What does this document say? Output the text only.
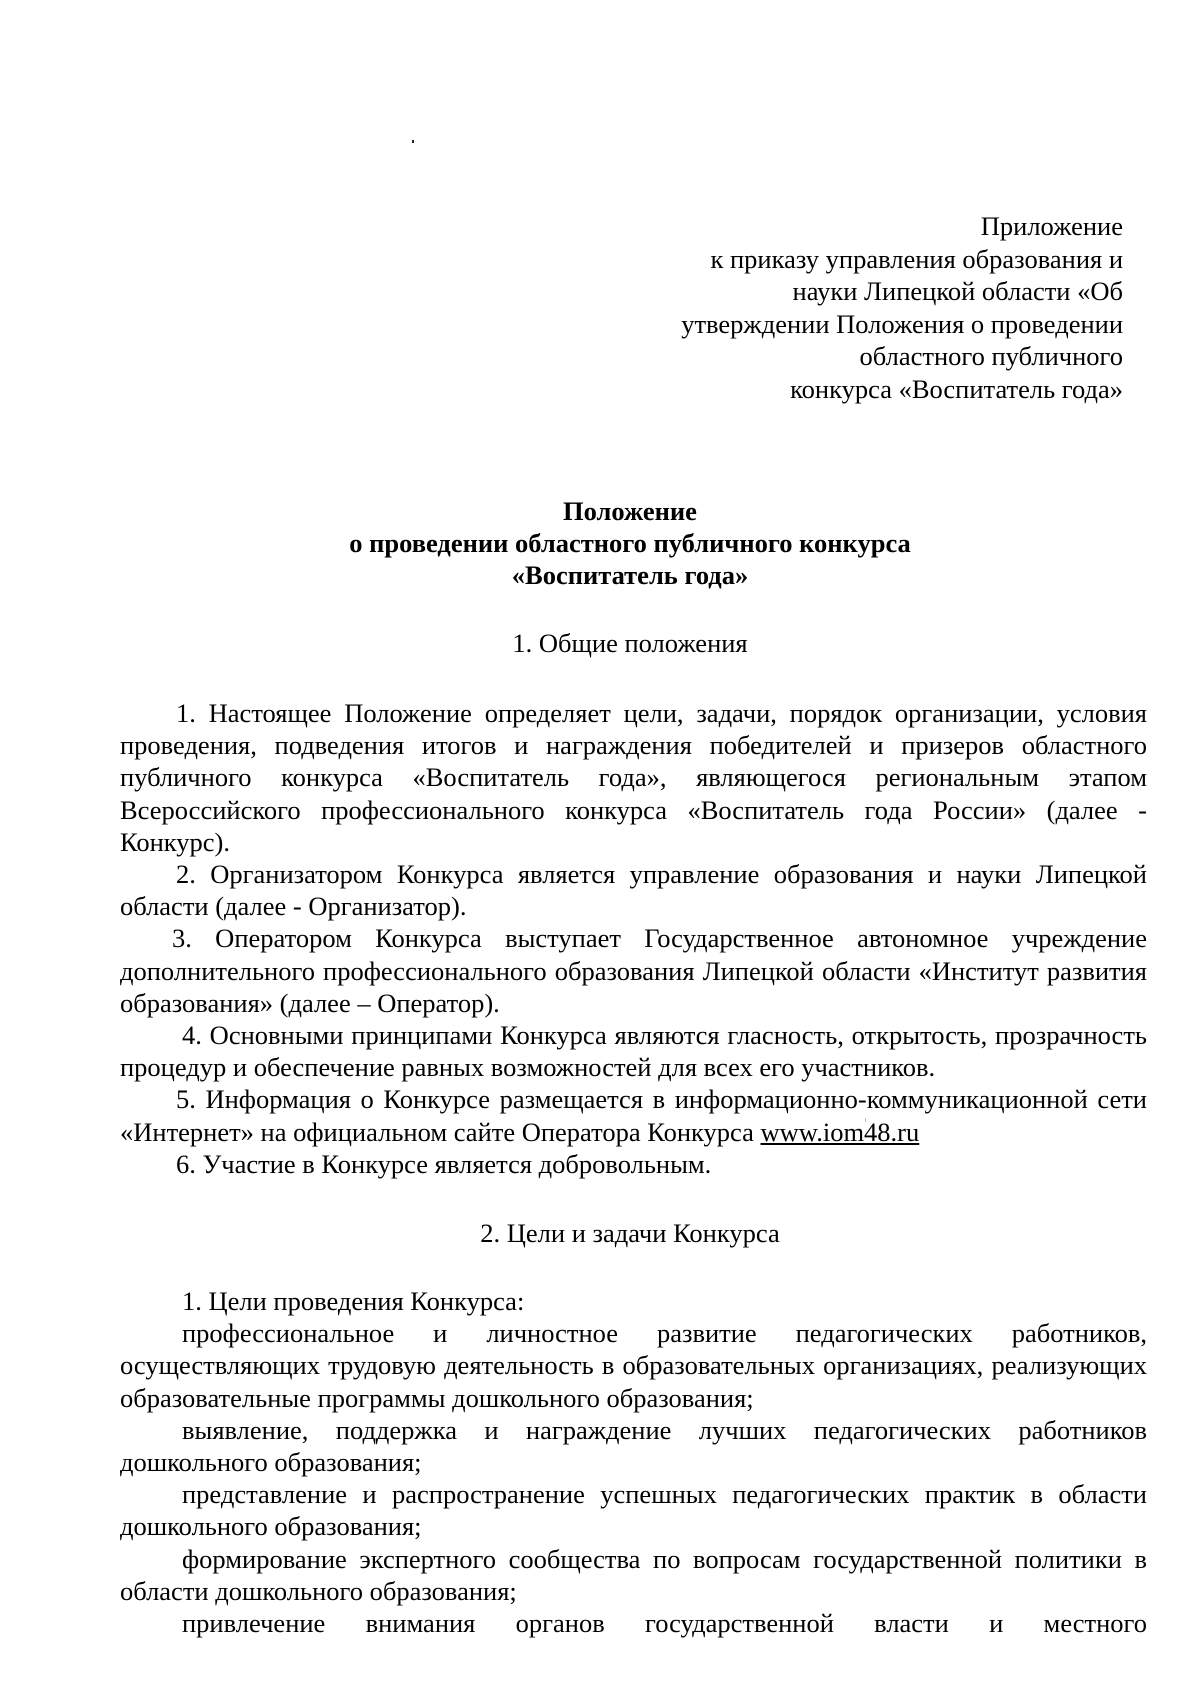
Приложение
к приказу управления образования и
науки Липецкой области «Об
утверждении Положения о проведении
областного публичного
конкурса «Воспитатель года»
Положение
о проведении областного публичного конкурса
«Воспитатель года»
1. Общие положения

1. Настоящее Положение определяет цели, задачи, порядок организации, условия проведения, подведения итогов и награждения победителей и призеров областного публичного конкурса «Воспитатель года», являющегося региональным этапом Всероссийского профессионального конкурса «Воспитатель года России» (далее - Конкурс).

2. Организатором Конкурса является управление образования и науки Липецкой области (далее - Организатор).

3. Оператором Конкурса выступает Государственное автономное учреждение дополнительного профессионального образования Липецкой области «Институт развития образования» (далее – Оператор).

4. Основными принципами Конкурса являются гласность, открытость, прозрачность процедур и обеспечение равных возможностей для всех его участников.

5. Информация о Конкурсе размещается в информационно-коммуникационной сети «Интернет» на официальном сайте Оператора Конкурса www.iom48.ru

6. Участие в Конкурсе является добровольным.

2. Цели и задачи Конкурса

1. Цели проведения Конкурса:

профессиональное и личностное развитие педагогических работников, осуществляющих трудовую деятельность в образовательных организациях, реализующих образовательные программы дошкольного образования;

выявление, поддержка и награждение лучших педагогических работников дошкольного образования;

представление и распространение успешных педагогических практик в области дошкольного образования;

формирование экспертного сообщества по вопросам государственной политики в области дошкольного образования;

привлечение внимания органов государственной власти и местного
